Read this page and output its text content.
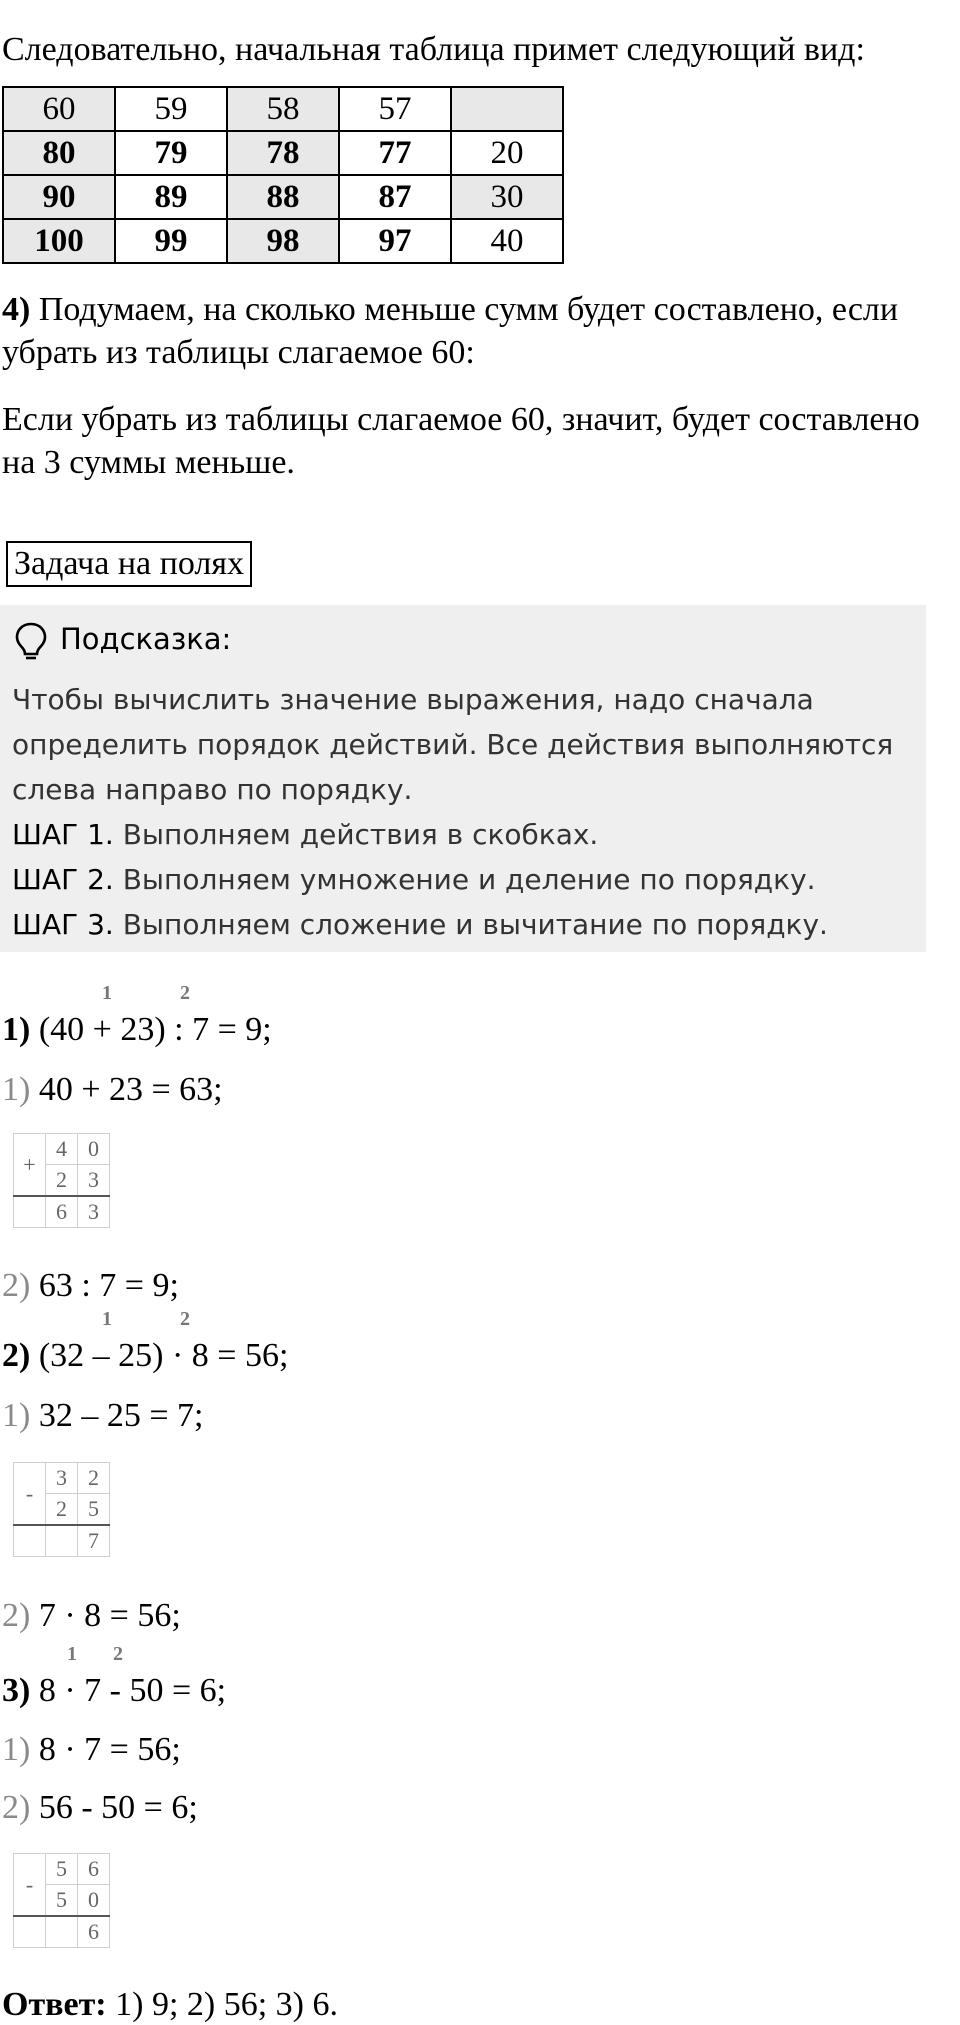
Следовательно, начальная таблица примет следующий вид:
60	59	58	57	
80	79	78	77	20
90	89	88	87	30
100	99	98	97	40
4) Подумаем, на сколько меньше сумм будет составлено, если
убрать из таблицы слагаемое 60:
Если убрать из таблицы слагаемое 60, значит, будет составлено
на 3 суммы меньше.
Задача на полях
Подсказка:

Чтобы вычислить значение выражения, надо сначала

определить порядок действий. Все действия выполняются

слева направо по порядку.

ШАГ 1. Выполняем действия в скобках.

ШАГ 2. Выполняем умножение и деление по порядку.

ШАГ 3. Выполняем сложение и вычитание по порядку.

1	2
1) (40 + 23) : 7 = 9;
1) 40 + 23 = 63;
+	4	0
	2	3
	6	3
2) 63 : 7 = 9;
1	2
2) (32 – 25) · 8 = 56;
1) 32 – 25 = 7;
-	3	2
	2	5
		7
2) 7 · 8 = 56;
1 2
3) 8 · 7 - 50 = 6;
1) 8 · 7 = 56;
2) 56 - 50 = 6;
-	5	6
	5	0
		6
Ответ: 1) 9; 2) 56; 3) 6.
